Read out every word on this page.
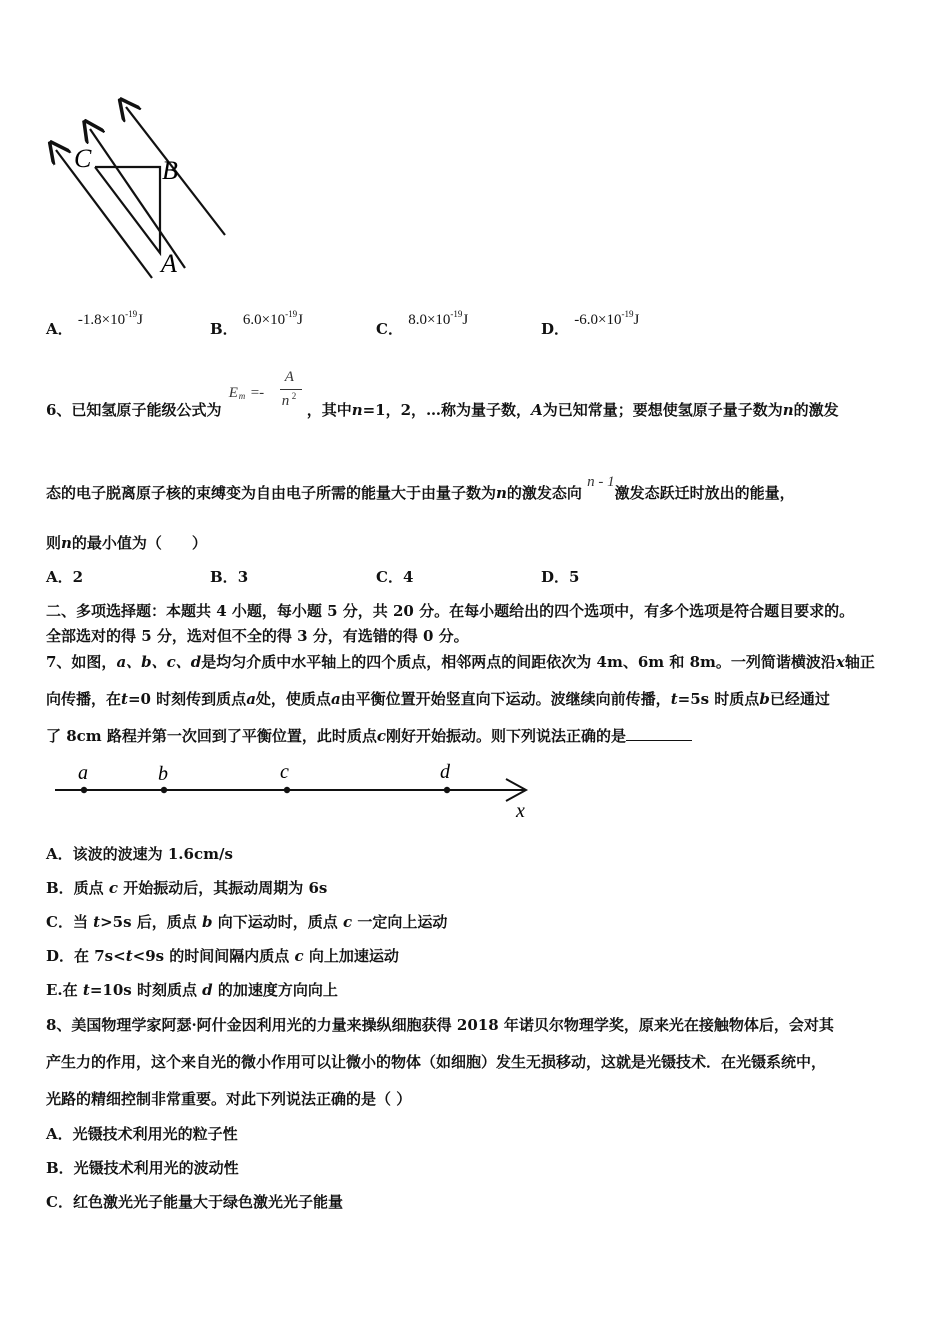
C	B
A
A． $-1.8\times 10^{-19}J$	B． $6.0\times 10^{-19}J$	C． $8.0\times 10^{-19}J$	D． $-6.0\times 10^{-19}J$
6、已知氢原子能级公式为
E m =-
A
n 2
，其中n=1，2，…称为量子数，A为已知常量；要想使氢原子量子数为n的激发
态的电子脱离原子核的束缚变为自由电子所需的能量大于由量子数为n的激发态向 n - 1激发态跃迁时放出的能量，
则n的最小值为（　　）
A．2	B．3	C．4	D．5
二、多项选择题：本题共 4 小题，每小题 5 分，共 20 分。在每小题给出的四个选项中，有多个选项是符合题目要求的。
全部选对的得 5 分，选对但不全的得 3 分，有选错的得 0 分。
7、如图，a、b、c、d是均匀介质中水平轴上的四个质点，相邻两点的间距依次为 4m、6m 和 8m。一列简谐横波沿x轴正
向传播，在t=0 时刻传到质点a处，使质点a由平衡位置开始竖直向下运动。波继续向前传播，t=5s 时质点b已经通过
了 8cm 路程并第一次回到了平衡位置，此时质点c刚好开始振动。则下列说法正确的是
a	b	c	d
x
A．该波的波速为 1.6cm/s
B．质点 c 开始振动后，其振动周期为 6s
C．当 t>5s 后，质点 b 向下运动时，质点 c 一定向上运动
D．在 7s<t<9s 的时间间隔内质点 c 向上加速运动
E.在 t=10s 时刻质点 d 的加速度方向向上
8、美国物理学家阿瑟·阿什金因利用光的力量来操纵细胞获得 2018 年诺贝尔物理学奖，原来光在接触物体后，会对其
产生力的作用，这个来自光的微小作用可以让微小的物体（如细胞）发生无损移动，这就是光镊技术．在光镊系统中，
光路的精细控制非常重要。对此下列说法正确的是（ ）
A．光镊技术利用光的粒子性
B．光镊技术利用光的波动性
C．红色激光光子能量大于绿色激光光子能量
